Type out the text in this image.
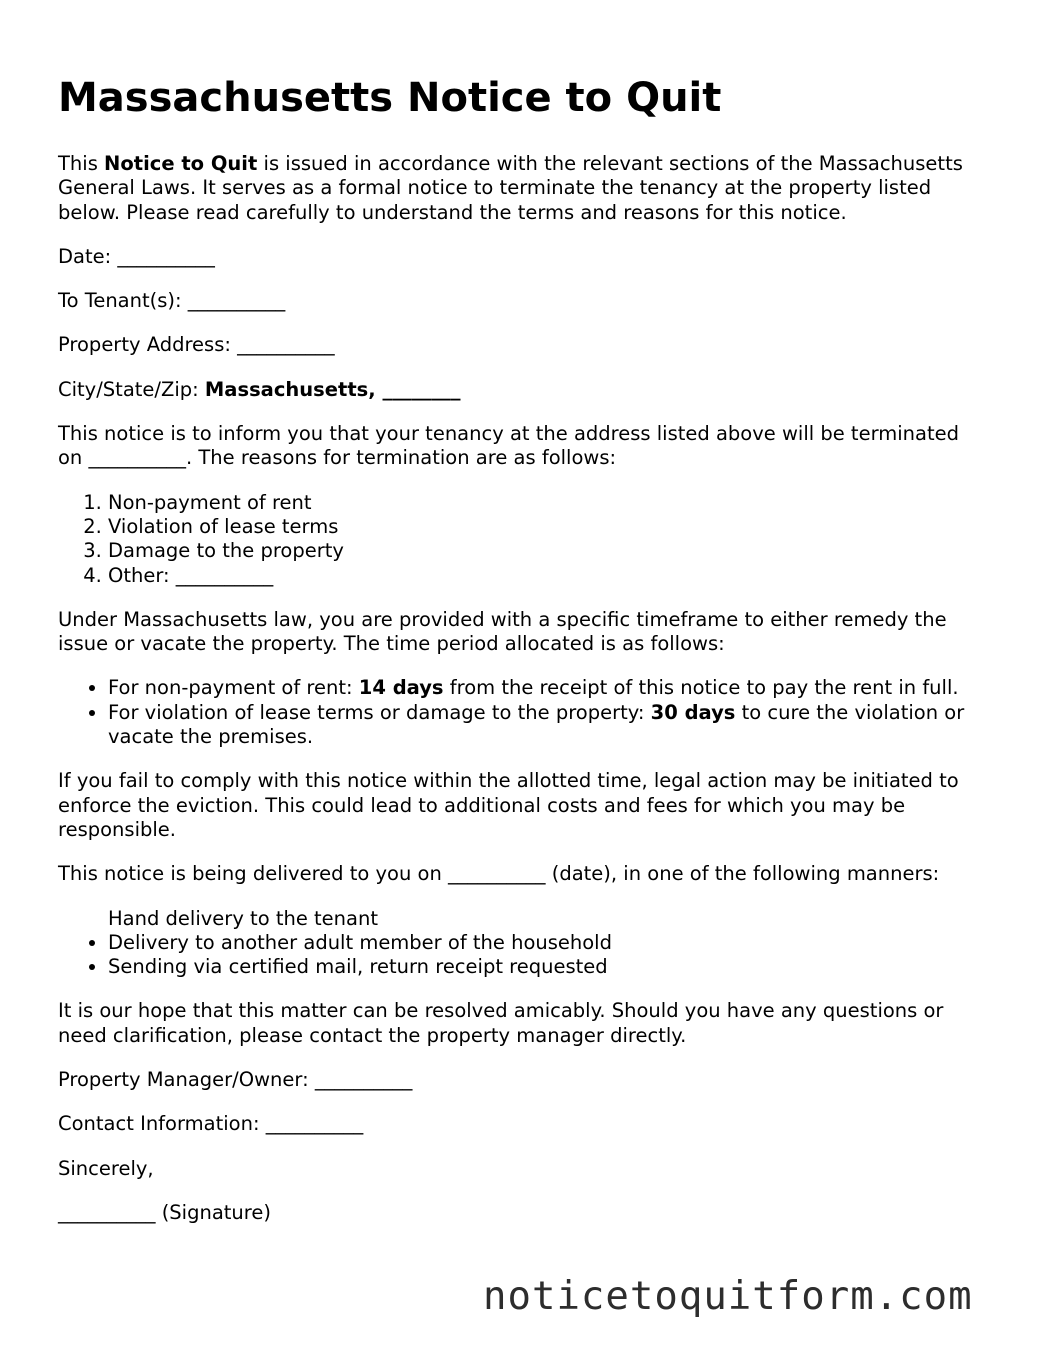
Massachusetts Notice to Quit

This Notice to Quit is issued in accordance with the relevant sections of the Massachusetts General Laws. It serves as a formal notice to terminate the tenancy at the property listed below. Please read carefully to understand the terms and reasons for this notice.

Date: __________

To Tenant(s): __________

Property Address: __________

City/State/Zip: Massachusetts, ________

This notice is to inform you that your tenancy at the address listed above will be terminated on __________. The reasons for termination are as follows:

1. Non-payment of rent
2. Violation of lease terms
3. Damage to the property
4. Other: __________

Under Massachusetts law, you are provided with a specific timeframe to either remedy the issue or vacate the property. The time period allocated is as follows:

• For non-payment of rent: 14 days from the receipt of this notice to pay the rent in full.
• For violation of lease terms or damage to the property: 30 days to cure the violation or vacate the premises.

If you fail to comply with this notice within the allotted time, legal action may be initiated to enforce the eviction. This could lead to additional costs and fees for which you may be responsible.

This notice is being delivered to you on __________ (date), in one of the following manners:

Hand delivery to the tenant
• Delivery to another adult member of the household
• Sending via certified mail, return receipt requested

It is our hope that this matter can be resolved amicably. Should you have any questions or need clarification, please contact the property manager directly.

Property Manager/Owner: __________

Contact Information: __________

Sincerely,

__________ (Signature)

noticetoquitform.com
